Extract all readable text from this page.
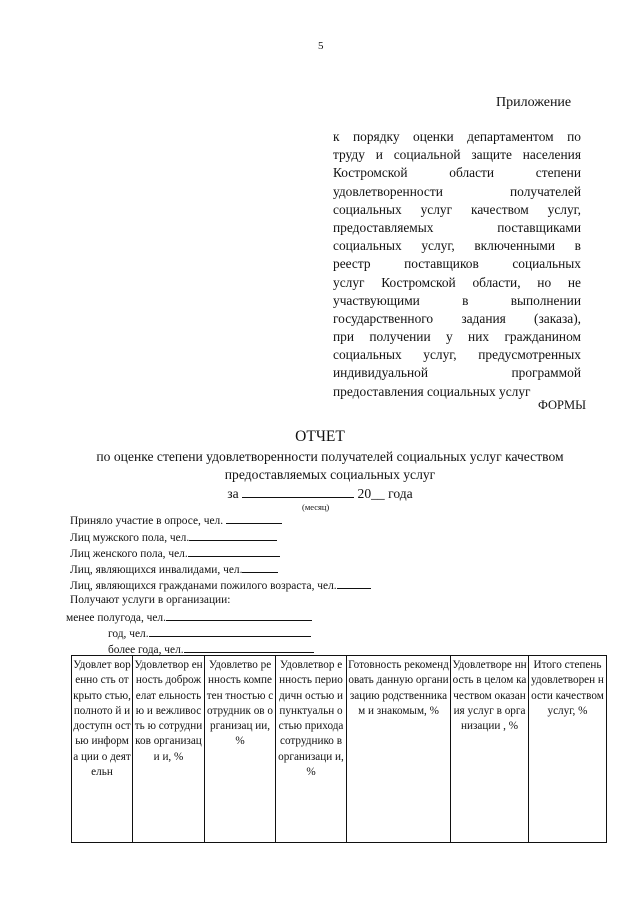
5
Приложение
к порядку оценки департаментом по
труду и социальной защите населения
Костромской области степени
удовлетворенности получателей
социальных услуг качеством услуг,
предоставляемых поставщиками
социальных услуг, включенными в
реестр поставщиков социальных
услуг Костромской области, но не
участвующими в выполнении
государственного задания (заказа),
при получении у них гражданином
социальных услуг, предусмотренных
индивидуальной программой
предоставления социальных услуг
ФОРМЫ
ОТЧЕТ
по оценке степени удовлетворенности получателей социальных услуг качеством
предоставляемых социальных услуг
за	20__ года
(месяц)
Приняло участие в опросе, чел.
Лиц мужского пола, чел.
Лиц женского пола, чел.
Лиц, являющихся инвалидами, чел.
Лиц, являющихся гражданами пожилого возраста, чел.
Получают услуги в организации:
менее полугода, чел.
год, чел.
более года, чел.
Удовлет воренно сть открыто стью, полното й и доступн остью информа ции о деятельн	Удовлетвор енность доброжелат ельностью и вежливость ю сотрудников организаци и, %	Удовлетво ренность компетен тностью сотрудник ов организац ии, %	Удовлетвор енность периодичн остью и пунктуальн остью прихода сотруднико в организаци и, %	Готовность рекомендовать данную организацию родственникам и знакомым, %	Удовлетворе нность в целом качеством оказания услуг в организации , %	Итого степень удовлетворен ности качеством услуг, %
